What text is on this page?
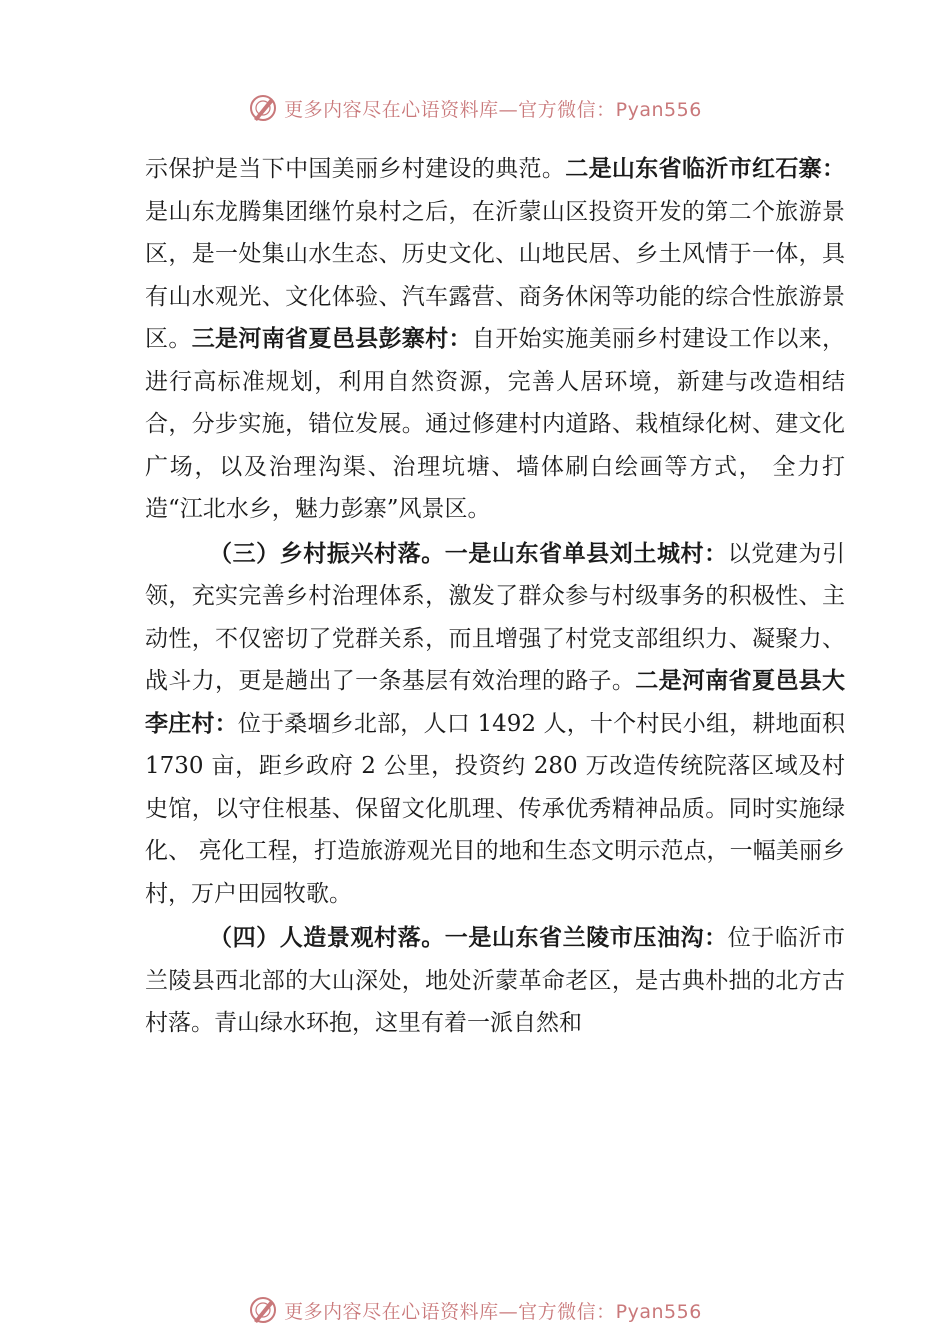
更多内容尽在心语资料库—官方微信：Pyan556

示保护是当下中国美丽乡村建设的典范。二是山东省临沂市红石寨：是山东龙腾集团继竹泉村之后，在沂蒙山区投资开发的第二个旅游景区，是一处集山水生态、历史文化、山地民居、乡土风情于一体，具有山水观光、文化体验、汽车露营、商务休闲等功能的综合性旅游景区。三是河南省夏邑县彭寨村：自开始实施美丽乡村建设工作以来，进行高标准规划，利用自然资源，完善人居环境，新建与改造相结合，分步实施，错位发展。通过修建村内道路、栽植绿化树、建文化广场，以及治理沟渠、治理坑塘、墙体刷白绘画等方式， 全力打造“江北水乡，魅力彭寨”风景区。

（三）乡村振兴村落。一是山东省单县刘土城村：以党建为引领，充实完善乡村治理体系，激发了群众参与村级事务的积极性、主动性，不仅密切了党群关系，而且增强了村党支部组织力、凝聚力、战斗力，更是趟出了一条基层有效治理的路子。二是河南省夏邑县大李庄村：位于桑堌乡北部，人口 1492 人，十个村民小组，耕地面积 1730 亩，距乡政府 2 公里，投资约 280 万改造传统院落区域及村史馆，以守住根基、保留文化肌理、传承优秀精神品质。同时实施绿化、 亮化工程，打造旅游观光目的地和生态文明示范点，一幅美丽乡村，万户田园牧歌。

（四）人造景观村落。一是山东省兰陵市压油沟：位于临沂市兰陵县西北部的大山深处，地处沂蒙革命老区，是古典朴拙的北方古村落。青山绿水环抱，这里有着一派自然和

更多内容尽在心语资料库—官方微信：Pyan556
